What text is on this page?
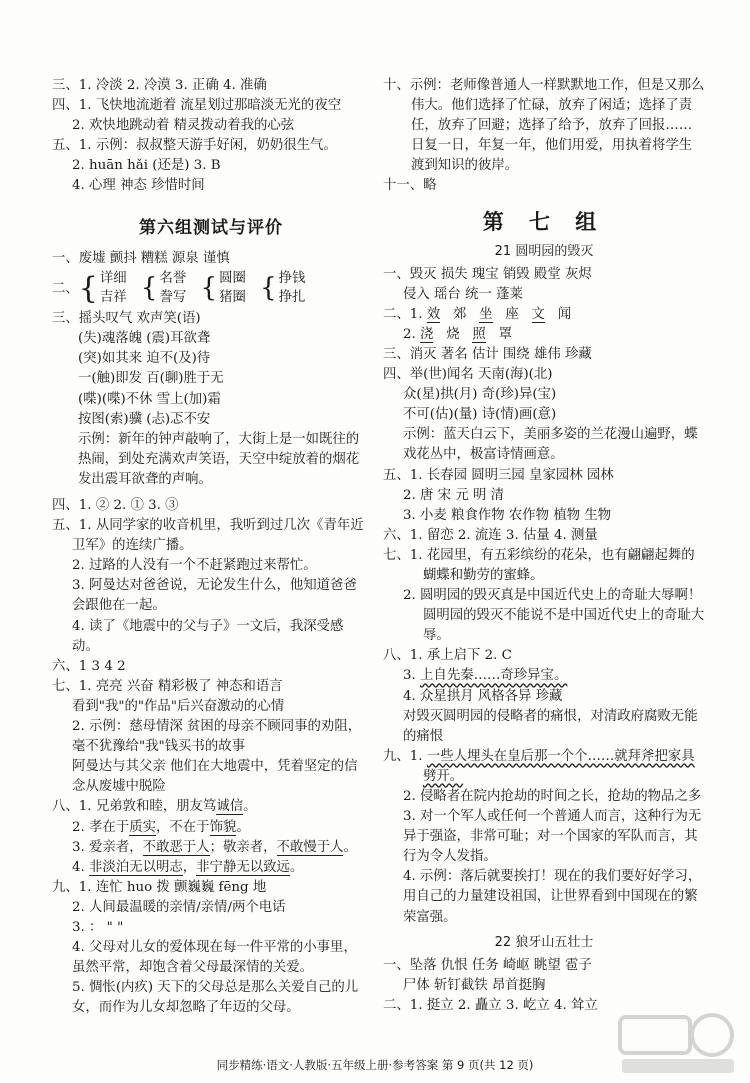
三、1. 冷淡 2. 冷漠 3. 正确 4. 准确
四、1. 飞快地流逝着 流星划过那暗淡无光的夜空
2. 欢快地跳动着 精灵拨动着我的心弦
五、1. 示例：叔叔整天游手好闲，奶奶很生气。
2. huān hǎi (还是) 3. B
4. 心理 神态 珍惜时间
第六组测试与评价
一、废墟 颤抖 糟糕 源泉 谨慎
二、{ 详细
吉祥 { 名誉
誊写 { 圆圈
猪圈 { 挣钱
挣扎
三、摇头叹气 欢声笑(语)
(失)魂落魄 (震)耳欲聋
(突)如其来 迫不(及)待
一(触)即发 百(聊)胜于无
(喋)(喋)不休 雪上(加)霜
按图(索)骥 (忐)忑不安
示例：新年的钟声敲响了，大街上是一如既往的热闹，到处充满欢声笑语，天空中绽放着的烟花发出震耳欲聋的声响。
四、1. ② 2. ① 3. ③
五、1. 从同学家的收音机里，我听到过几次《青年近卫军》的连续广播。
2. 过路的人没有一个不赶紧跑过来帮忙。
3. 阿曼达对爸爸说，无论发生什么，他知道爸爸会跟他在一起。
4. 读了《地震中的父与子》一文后，我深受感动。
六、1 3 4 2
七、1. 亮亮 兴奋 精彩极了 神态和语言
看到"我"的"作品"后兴奋激动的心情
2. 示例：慈母情深 贫困的母亲不顾同事的劝阻，毫不犹豫给"我"钱买书的故事
阿曼达与其父亲 他们在大地震中，凭着坚定的信念从废墟中脱险
八、1. 兄弟敦和睦，朋友笃诚信。
2. 孝在于质实，不在于饰貌。
3. 爱亲者，不敢恶于人；敬亲者，不敢慢于人。
4. 非淡泊无以明志，非宁静无以致远。
九、1. 连忙 huo 拨 颤巍巍 fēng 地
2. 人间最温暖的亲情/亲情/两个电话
3. ： " "
4. 父母对儿女的爱体现在每一件平常的小事里，虽然平常，却饱含着父母最深情的关爱。
5. 惆怅(内疚) 天下的父母总是那么关爱自己的儿女，而作为儿女却忽略了年迈的父母。
十、示例：老师像普通人一样默默地工作，但是又那么伟大。他们选择了忙碌，放弃了闲适；选择了责任，放弃了回避；选择了给予，放弃了回报……日复一日，年复一年，他们用爱，用执着将学生渡到知识的彼岸。
十一、略
第 七 组
21 圆明园的毁灭
一、毁灭 损失 瑰宝 销毁 殿堂 灰烬
侵入 瑶台 统一 蓬莱
二、1. 效 郊 坐 座 文 闻
2. 浇 烧 照 罩
三、消灭 著名 估计 围绕 雄伟 珍藏
四、举(世)闻名 天南(海)(北)
众(星)拱(月) 奇(珍)异(宝)
不可(估)(量) 诗(情)画(意)
示例：蓝天白云下，美丽多姿的兰花漫山遍野，蝶戏花丛中，极富诗情画意。
五、1. 长春园 圆明三园 皇家园林 园林
2. 唐 宋 元 明 清
3. 小麦 粮食作物 农作物 植物 生物
六、1. 留恋 2. 流连 3. 估量 4. 测量
七、1. 花园里，有五彩缤纷的花朵，也有翩翩起舞的蝴蝶和勤劳的蜜蜂。
2. 圆明园的毁灭真是中国近代史上的奇耻大辱啊！
圆明园的毁灭不能说不是中国近代史上的奇耻大辱。
八、1. 承上启下 2. C
3. 上自先秦……奇珍异宝。
4. 众星拱月 风格各异 珍藏
对毁灭圆明园的侵略者的痛恨，对清政府腐败无能的痛恨
九、1. 一些人埋头在皇后那一个个……就拜斧把家具劈开。
2. 侵略者在院内抢劫的时间之长，抢劫的物品之多
3. 对一个军人或任何一个普通人而言，这种行为无异于强盗，非常可耻；对一个国家的军队而言，其行为令人发指。
4. 示例：落后就要挨打！现在的我们要好好学习，用自己的力量建设祖国，让世界看到中国现在的繁荣富强。
22 狼牙山五壮士
一、坠落 仇恨 任务 崎岖 眺望 雹子
尸体 斩钉截铁 昂首挺胸
二、1. 挺立 2. 矗立 3. 屹立 4. 耸立
同步精练·语文·人教版·五年级上册·参考答案 第 9 页(共 12 页)
